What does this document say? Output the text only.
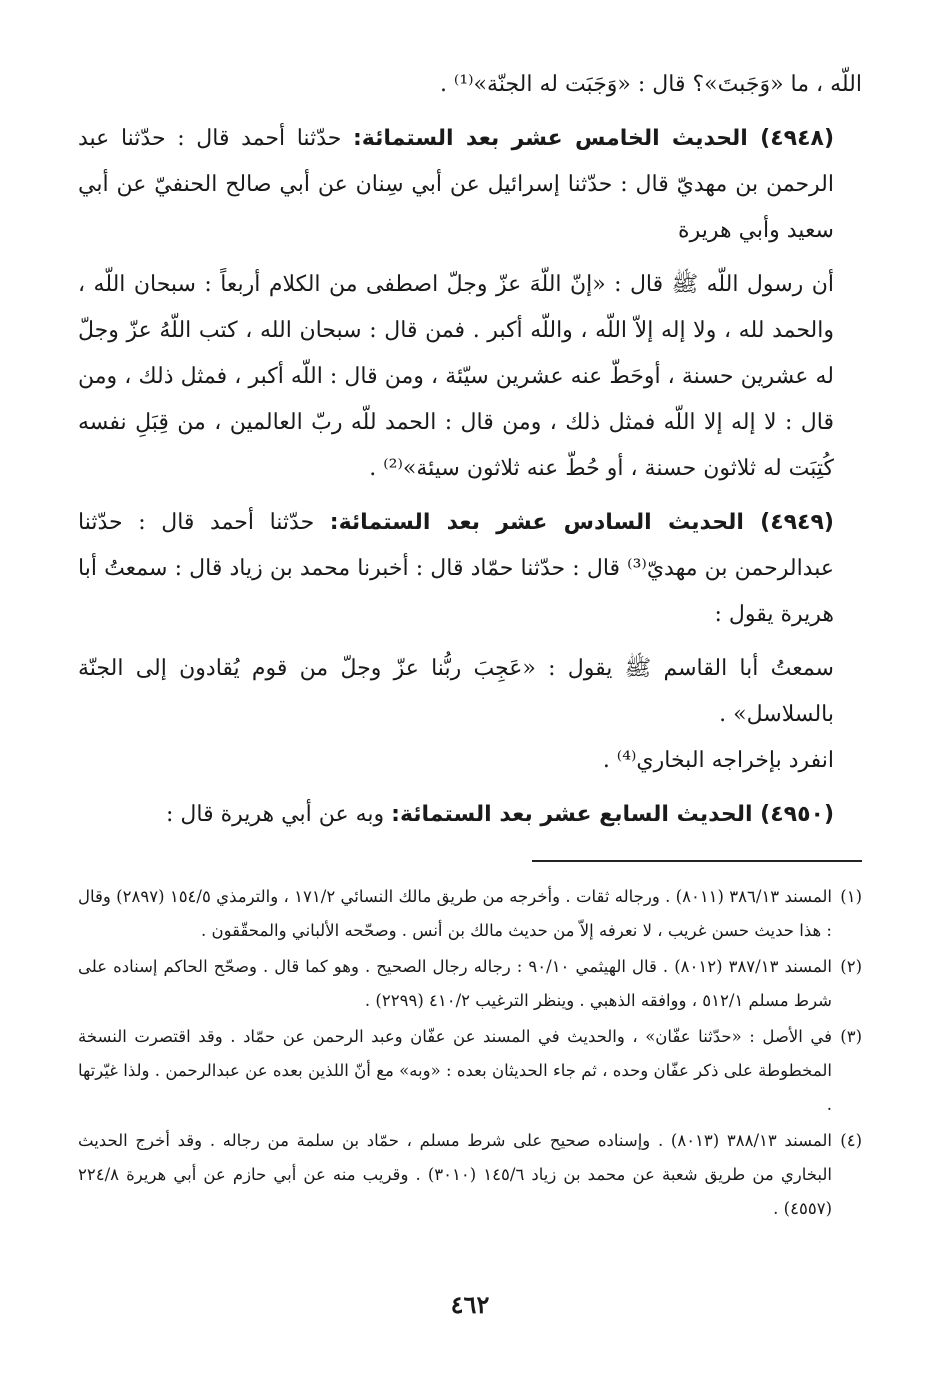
اللّه ، ما «وَجَبتَ»؟ قال : «وَجَبَت له الجنّة»⁽¹⁾ .

(٤٩٤٨) الحديث الخامس عشر بعد الستمائة: حدّثنا أحمد قال : حدّثنا عبد الرحمن بن مهديّ قال : حدّثنا إسرائيل عن أبي سِنان عن أبي صالح الحنفيّ عن أبي سعيد وأبي هريرة

أن رسول اللّه ﷺ قال : «إنّ اللّهَ عزّ وجلّ اصطفى من الكلام أربعاً : سبحان اللّه ، والحمد لله ، ولا إله إلاّ اللّه ، واللّه أكبر . فمن قال : سبحان الله ، كتب اللّهُ عزّ وجلّ له عشرين حسنة ، أوحَطّ عنه عشرين سيّئة ، ومن قال : اللّه أكبر ، فمثل ذلك ، ومن قال : لا إله إلا اللّه فمثل ذلك ، ومن قال : الحمد للّه ربّ العالمين ، من قِبَلِ نفسه كُتِبَت له ثلاثون حسنة ، أو حُطّ عنه ثلاثون سيئة»⁽²⁾ .

(٤٩٤٩) الحديث السادس عشر بعد الستمائة: حدّثنا أحمد قال : حدّثنا عبدالرحمن بن مهديّ⁽³⁾ قال : حدّثنا حمّاد قال : أخبرنا محمد بن زياد قال : سمعتُ أبا هريرة يقول :

سمعتُ أبا القاسم ﷺ يقول : «عَجِبَ ربُّنا عزّ وجلّ من قوم يُقادون إلى الجنّة بالسلاسل» .

انفرد بإخراجه البخاري⁽⁴⁾ .

(٤٩٥٠) الحديث السابع عشر بعد الستمائة: وبه عن أبي هريرة قال :

(١)
المسند ٣٨٦/١٣ (٨٠١١) . ورجاله ثقات . وأخرجه من طريق مالك النسائي ١٧١/٢ ، والترمذي ١٥٤/٥ (٢٨٩٧) وقال : هذا حديث حسن غريب ، لا نعرفه إلاّ من حديث مالك بن أنس . وصحّحه الألباني والمحقّقون .

(٢)
المسند ٣٨٧/١٣ (٨٠١٢) . قال الهيثمي ٩٠/١٠ : رجاله رجال الصحيح . وهو كما قال . وصحّح الحاكم إسناده على شرط مسلم ٥١٢/١ ، ووافقه الذهبي . وينظر الترغيب ٤١٠/٢ (٢٢٩٩) .

(٣)
في الأصل : «حدّثنا عفّان» ، والحديث في المسند عن عفّان وعبد الرحمن عن حمّاد . وقد اقتصرت النسخة المخطوطة على ذكر عفّان وحده ، ثم جاء الحديثان بعده : «وبه» مع أنّ اللذين بعده عن عبدالرحمن . ولذا غيّرتها .

(٤)
المسند ٣٨٨/١٣ (٨٠١٣) . وإسناده صحيح على شرط مسلم ، حمّاد بن سلمة من رجاله . وقد أخرج الحديث البخاري من طريق شعبة عن محمد بن زياد ١٤٥/٦ (٣٠١٠) . وقريب منه عن أبي حازم عن أبي هريرة ٢٢٤/٨ (٤٥٥٧) .

٤٦٢
